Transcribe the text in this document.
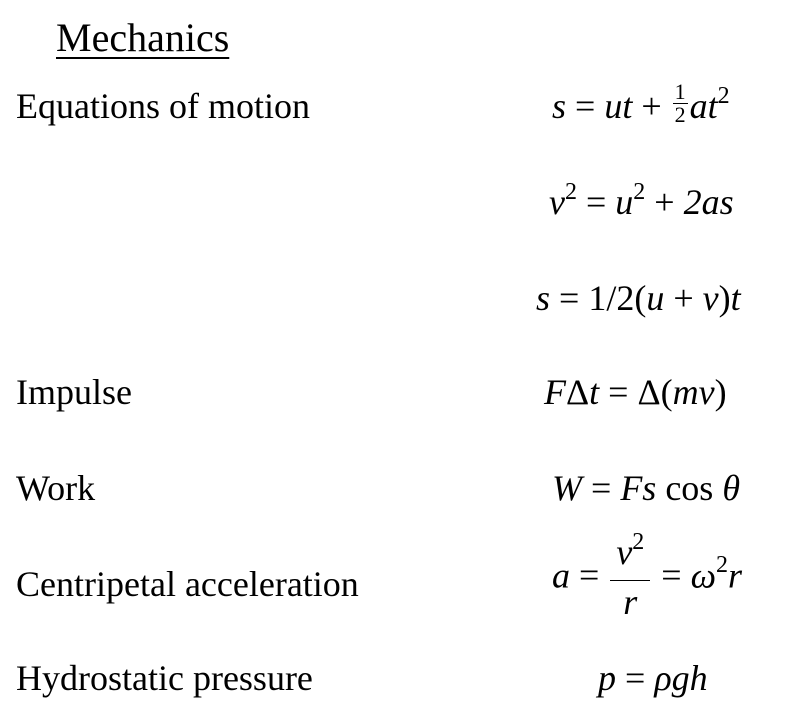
Mechanics
Equations of motion
Impulse
Work
Centripetal acceleration
Hydrostatic pressure
s = ut + $\frac{1}{2} at^2$
$v^2 = u^2 + 2as$
s = 1/2(u + v)t
FΔt = Δ(mv)
W = Fs cos θ
$a = \frac{v^2}{r} = \omega^2r$
p = ρgh
